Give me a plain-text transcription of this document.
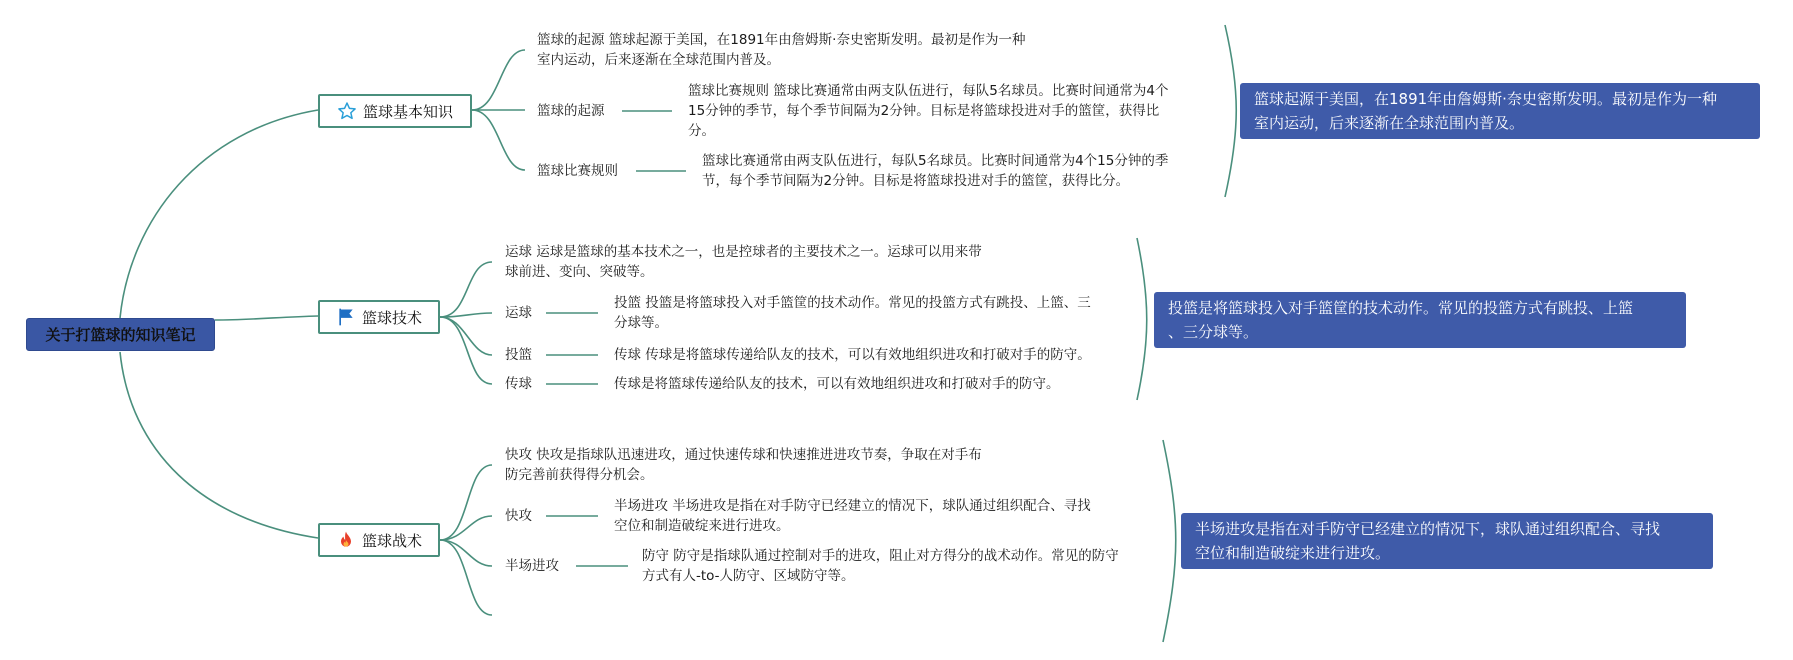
关于打篮球的知识笔记
篮球基本知识
篮球的起源 篮球起源于美国，在1891年由詹姆斯·奈史密斯发明。最初是作为一种
室内运动，后来逐渐在全球范围内普及。
篮球的起源
篮球比赛规则 篮球比赛通常由两支队伍进行，每队5名球员。比赛时间通常为4个
15分钟的季节，每个季节间隔为2分钟。目标是将篮球投进对手的篮筐，获得比
分。
篮球比赛规则
篮球比赛通常由两支队伍进行，每队5名球员。比赛时间通常为4个15分钟的季
节，每个季节间隔为2分钟。目标是将篮球投进对手的篮筐，获得比分。
篮球起源于美国，在1891年由詹姆斯·奈史密斯发明。最初是作为一种
室内运动，后来逐渐在全球范围内普及。
篮球技术
运球 运球是篮球的基本技术之一，也是控球者的主要技术之一。运球可以用来带
球前进、变向、突破等。
运球
投篮 投篮是将篮球投入对手篮筐的技术动作。常见的投篮方式有跳投、上篮、三
分球等。
投篮	传球 传球是将篮球传递给队友的技术，可以有效地组织进攻和打破对手的防守。
传球	传球是将篮球传递给队友的技术，可以有效地组织进攻和打破对手的防守。
投篮是将篮球投入对手篮筐的技术动作。常见的投篮方式有跳投、上篮
、三分球等。
篮球战术
快攻 快攻是指球队迅速进攻，通过快速传球和快速推进进攻节奏，争取在对手布
防完善前获得得分机会。
快攻
半场进攻 半场进攻是指在对手防守已经建立的情况下，球队通过组织配合、寻找
空位和制造破绽来进行进攻。
半场进攻
防守 防守是指球队通过控制对手的进攻，阻止对方得分的战术动作。常见的防守
方式有人-to-人防守、区域防守等。
半场进攻是指在对手防守已经建立的情况下，球队通过组织配合、寻找
空位和制造破绽来进行进攻。
